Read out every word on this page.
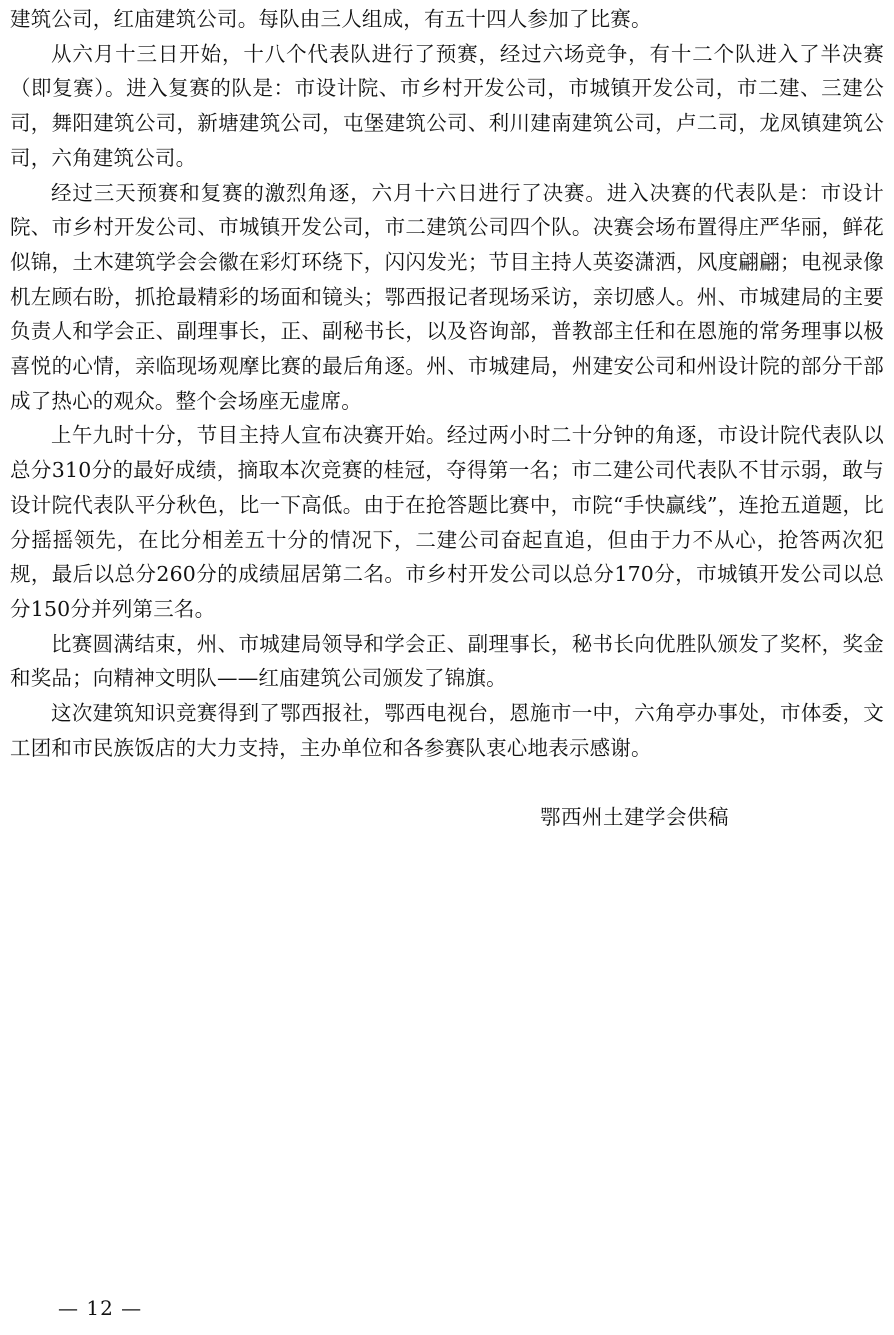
建筑公司，红庙建筑公司。每队由三人组成，有五十四人参加了比赛。

从六月十三日开始，十八个代表队进行了预赛，经过六场竞争，有十二个队进入了半决赛（即复赛）。进入复赛的队是：市设计院、市乡村开发公司，市城镇开发公司，市二建、三建公司，舞阳建筑公司，新塘建筑公司，屯堡建筑公司、利川建南建筑公司，卢二司，龙凤镇建筑公司，六角建筑公司。

经过三天预赛和复赛的激烈角逐，六月十六日进行了决赛。进入决赛的代表队是：市设计院、市乡村开发公司、市城镇开发公司，市二建筑公司四个队。决赛会场布置得庄严华丽，鲜花似锦，土木建筑学会会徽在彩灯环绕下，闪闪发光；节目主持人英姿潇洒，风度翩翩；电视录像机左顾右盼，抓抢最精彩的场面和镜头；鄂西报记者现场采访，亲切感人。州、市城建局的主要负责人和学会正、副理事长，正、副秘书长，以及咨询部，普教部主任和在恩施的常务理事以极喜悦的心情，亲临现场观摩比赛的最后角逐。州、市城建局，州建安公司和州设计院的部分干部成了热心的观众。整个会场座无虚席。

上午九时十分，节目主持人宣布决赛开始。经过两小时二十分钟的角逐，市设计院代表队以总分310分的最好成绩，摘取本次竞赛的桂冠，夺得第一名；市二建公司代表队不甘示弱，敢与设计院代表队平分秋色，比一下高低。由于在抢答题比赛中，市院“手快赢线”，连抢五道题，比分摇摇领先，在比分相差五十分的情况下，二建公司奋起直追，但由于力不从心，抢答两次犯规，最后以总分260分的成绩屈居第二名。市乡村开发公司以总分170分，市城镇开发公司以总分150分并列第三名。

比赛圆满结束，州、市城建局领导和学会正、副理事长，秘书长向优胜队颁发了奖杯，奖金和奖品；向精神文明队——红庙建筑公司颁发了锦旗。

这次建筑知识竞赛得到了鄂西报社，鄂西电视台，恩施市一中，六角亭办事处，市体委，文工团和市民族饭店的大力支持，主办单位和各参赛队衷心地表示感谢。

鄂西州土建学会供稿
— 12 —
